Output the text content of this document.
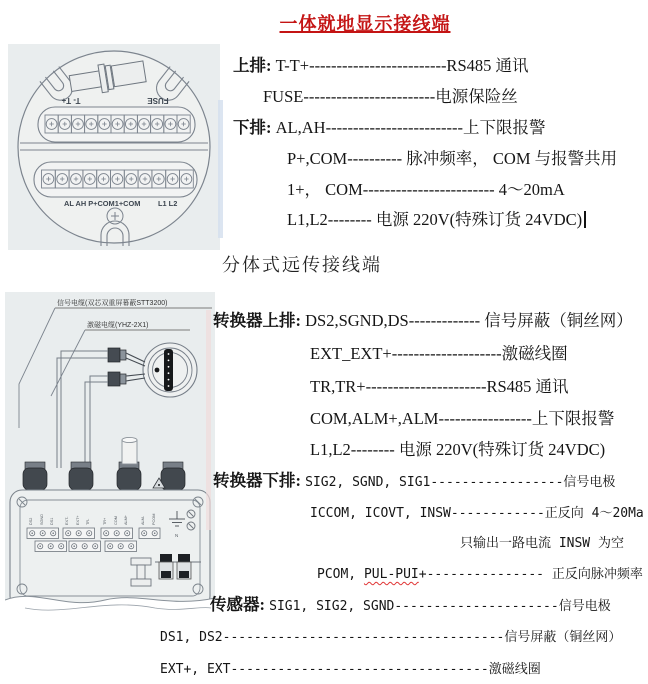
一体就地显示接线端
分体式远传接线端
T- T+	FUSE
AL AH P+COM1+COM L1 L2
信号电缆(双芯双重屏幕蔽STT3200)
激磁电缆(YHZ-2X1)
N
DS2 SGND DS1	EXT- EXT+ TR-	TR+ COM ALM+	ALM- PCOM
上排: T-T+-------------------------RS485 通讯
FUSE------------------------电源保险丝
下排: AL,AH-------------------------上下限报警
P+,COM---------- 脉冲频率， COM 与报警共用
1+， COM------------------------ 4～20mA
L1,L2-------- 电源 220V(特殊订货 24VDC)
转换器上排: DS2,SGND,DS------------- 信号屏蔽（铜丝网）
EXT_EXT+--------------------激磁线圈
TR,TR+----------------------RS485 通讯
COM,ALM+,ALM-----------------上下限报警
L1,L2-------- 电源 220V(特殊订货 24VDC)
转换器下排: SIG2, SGND, SIG1-----------------信号电极
ICCOM, ICOVT, INSW------------正反向 4～20Ma
只输出一路电流 INSW 为空
PCOM, PUL-PUI+--------------- 正反向脉冲频率
传感器: SIG1, SIG2, SGND---------------------信号电极
DS1, DS2------------------------------------信号屏蔽（铜丝网）
EXT+, EXT---------------------------------激磁线圈
